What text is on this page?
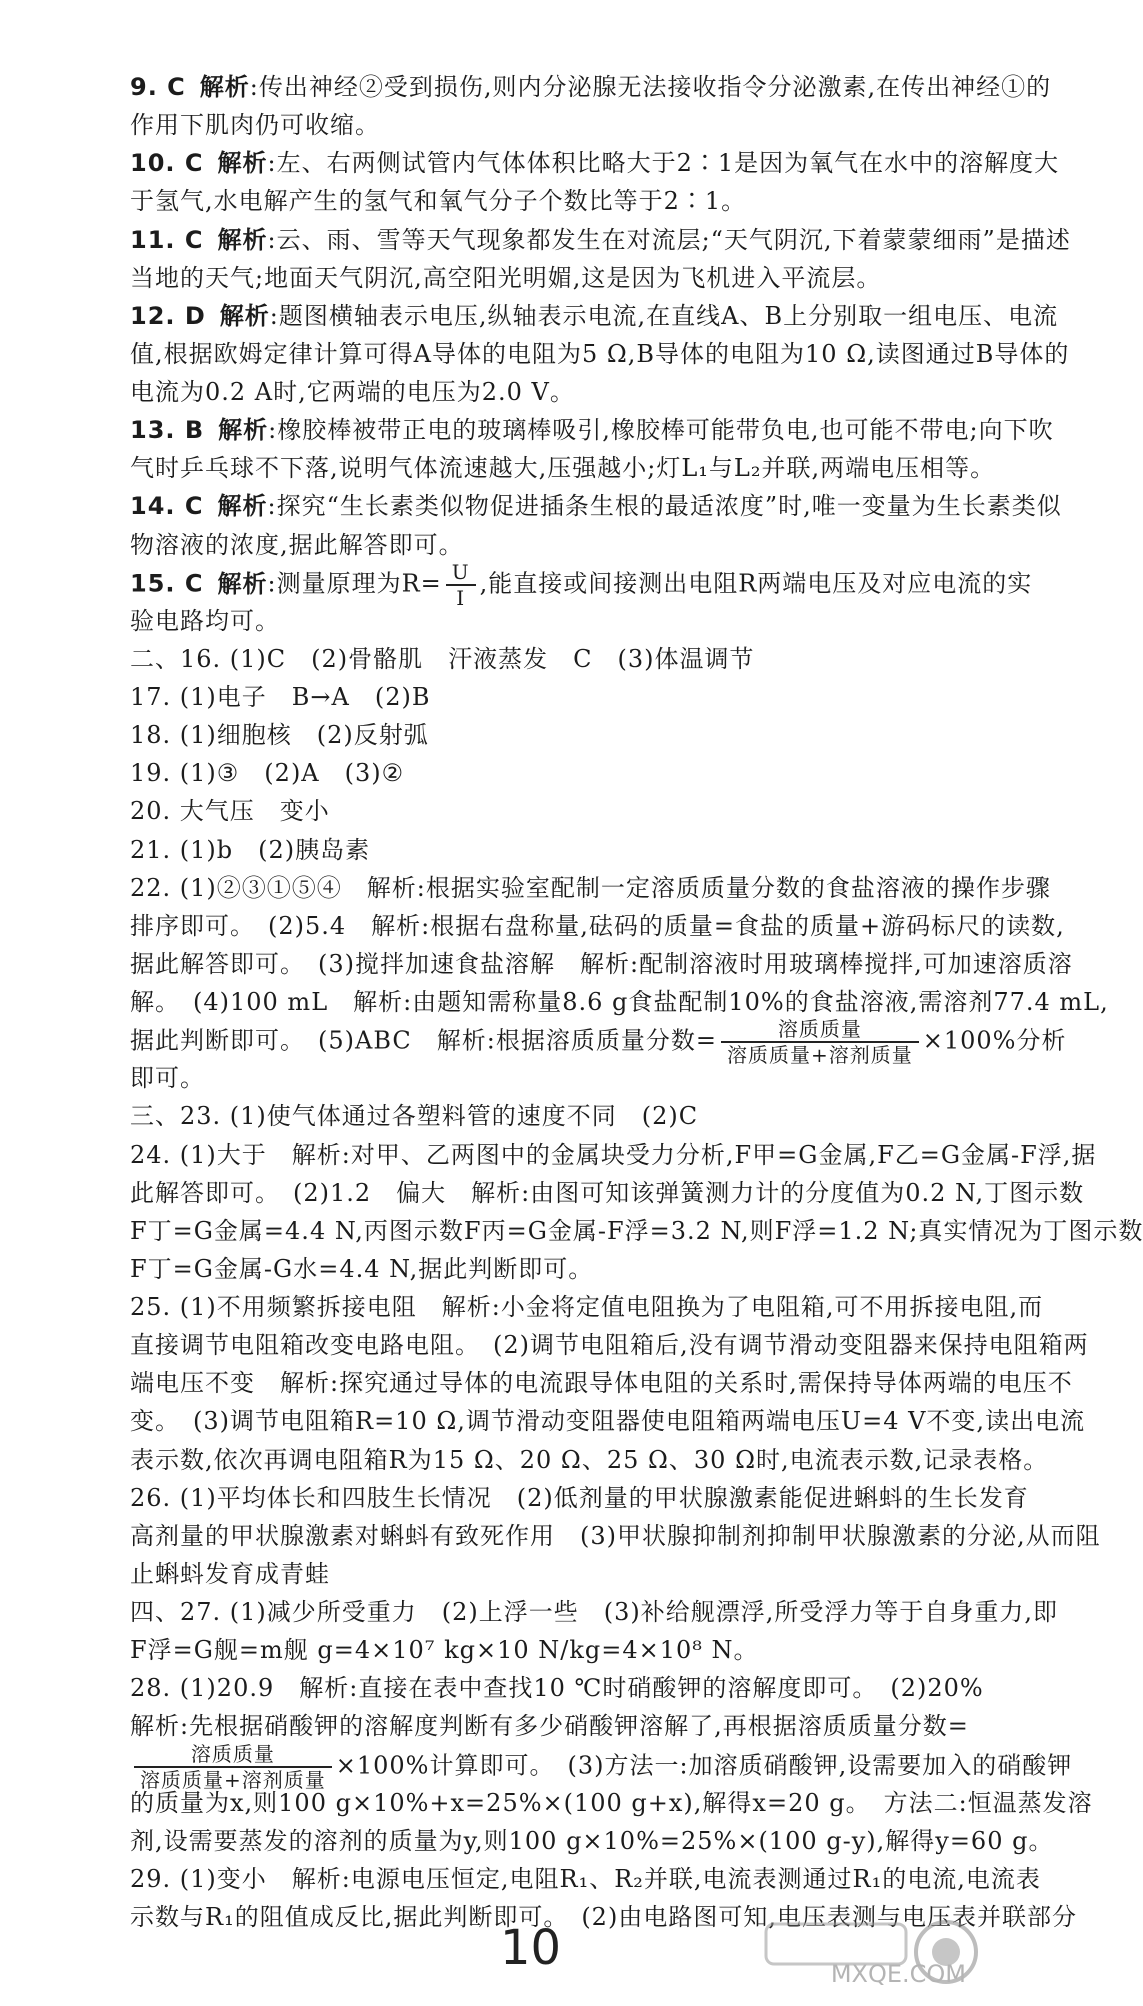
9. C 解析:传出神经②受到损伤,则内分泌腺无法接收指令分泌激素,在传出神经①的
作用下肌肉仍可收缩。
10. C 解析:左、右两侧试管内气体体积比略大于2∶1是因为氧气在水中的溶解度大
于氢气,水电解产生的氢气和氧气分子个数比等于2∶1。
11. C 解析:云、雨、雪等天气现象都发生在对流层;“天气阴沉,下着蒙蒙细雨”是描述
当地的天气;地面天气阴沉,高空阳光明媚,这是因为飞机进入平流层。
12. D 解析:题图横轴表示电压,纵轴表示电流,在直线A、B上分别取一组电压、电流
值,根据欧姆定律计算可得A导体的电阻为5 Ω,B导体的电阻为10 Ω,读图通过B导体的
电流为0.2 A时,它两端的电压为2.0 V。
13. B 解析:橡胶棒被带正电的玻璃棒吸引,橡胶棒可能带负电,也可能不带电;向下吹
气时乒乓球不下落,说明气体流速越大,压强越小;灯L₁与L₂并联,两端电压相等。
14. C 解析:探究“生长素类似物促进插条生根的最适浓度”时,唯一变量为生长素类似
物溶液的浓度,据此解答即可。
15. C 解析:测量原理为$R= \frac{U}{I}$ ,能直接或间接测出电阻R两端电压及对应电流的实
验电路均可。
二、16. (1)C　(2)骨骼肌　汗液蒸发　C　(3)体温调节
17. (1)电子　B→A　(2)B
18. (1)细胞核　(2)反射弧
19. (1)③　(2)A　(3)②
20. 大气压　变小
21. (1)b　(2)胰岛素
22. (1)②③①⑤④　解析:根据实验室配制一定溶质质量分数的食盐溶液的操作步骤
排序即可。　(2)5.4　解析:根据右盘称量,砝码的质量=食盐的质量+游码标尺的读数,
据此解答即可。　(3)搅拌加速食盐溶解　解析:配制溶液时用玻璃棒搅拌,可加速溶质溶
解。　(4)100 mL　解析:由题知需称量8.6 g食盐配制10%的食盐溶液,需溶剂77.4 mL,
据此判断即可。　(5)ABC　解析:根据溶质质量分数= $\frac{\text{溶质质量}}{\text{溶质质量+溶剂质量}} \times 100\%$分析
即可。
三、23. (1)使气体通过各塑料管的速度不同　(2)C
24. (1)大于　解析:对甲、乙两图中的金属块受力分析,F甲=G金属,F乙=G金属-F浮,据
此解答即可。　(2)1.2　偏大　解析:由图可知该弹簧测力计的分度值为0.2 N,丁图示数
F丁=G金属=4.4 N,丙图示数F丙=G金属-F浮=3.2 N,则F浮=1.2 N;真实情况为丁图示数
F丁=G金属-G水=4.4 N,据此判断即可。
25. (1)不用频繁拆接电阻　解析:小金将定值电阻换为了电阻箱,可不用拆接电阻,而
直接调节电阻箱改变电路电阻。　(2)调节电阻箱后,没有调节滑动变阻器来保持电阻箱两
端电压不变　解析:探究通过导体的电流跟导体电阻的关系时,需保持导体两端的电压不
变。　(3)调节电阻箱R=10 Ω,调节滑动变阻器使电阻箱两端电压U=4 V不变,读出电流
表示数,依次再调电阻箱R为15 Ω、20 Ω、25 Ω、30 Ω时,电流表示数,记录表格。
26. (1)平均体长和四肢生长情况　(2)低剂量的甲状腺激素能促进蝌蚪的生长发育
高剂量的甲状腺激素对蝌蚪有致死作用　(3)甲状腺抑制剂抑制甲状腺激素的分泌,从而阻
止蝌蚪发育成青蛙
四、27. (1)减少所受重力　(2)上浮一些　(3)补给舰漂浮,所受浮力等于自身重力,即
F浮=G舰=m舰 g=4×10⁷ kg×10 N/kg=4×10⁸ N。
28. (1)20.9　解析:直接在表中查找10 ℃时硝酸钾的溶解度即可。　(2)20%
解析:先根据硝酸钾的溶解度判断有多少硝酸钾溶解了,再根据溶质质量分数=
$\frac{\text{溶质质量}}{\text{溶质质量+溶剂质量}} \times 100\%$计算即可。　(3)方法一:加溶质硝酸钾,设需要加入的硝酸钾
的质量为x,则100 g×10%+x=25%×(100 g+x),解得x=20 g。　方法二:恒温蒸发溶
剂,设需要蒸发的溶剂的质量为y,则100 g×10%=25%×(100 g-y),解得y=60 g。
29. (1)变小　解析:电源电压恒定,电阻R₁、R₂并联,电流表测通过R₁的电流,电流表
示数与R₁的阻值成反比,据此判断即可。　(2)由电路图可知,电压表测与电压表并联部分
10	MXQE.COM
